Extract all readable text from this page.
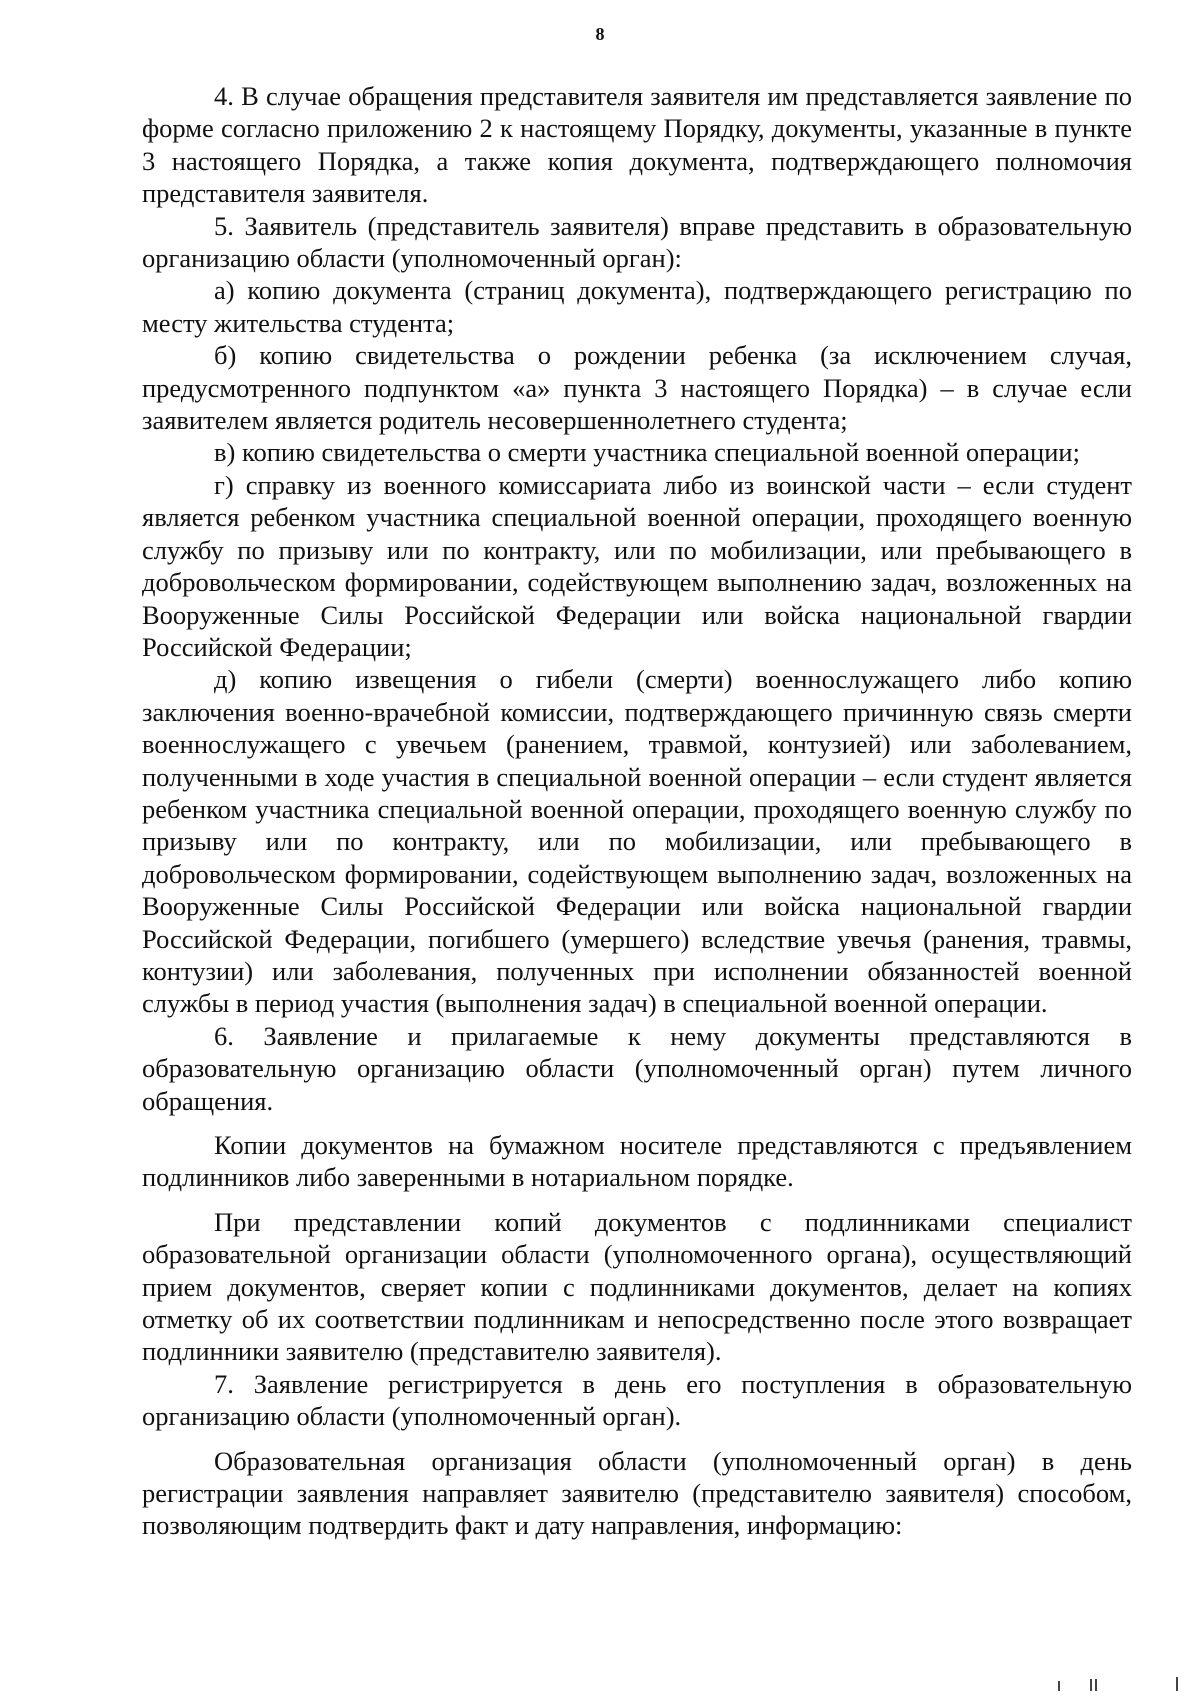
8

4. В случае обращения представителя заявителя им представляется заявление по форме согласно приложению 2 к настоящему Порядку, документы, указанные в пункте 3 настоящего Порядка, а также копия документа, подтверждающего полномочия представителя заявителя.

5. Заявитель (представитель заявителя) вправе представить в образовательную организацию области (уполномоченный орган):

а) копию документа (страниц документа), подтверждающего регистрацию по месту жительства студента;

б) копию свидетельства о рождении ребенка (за исключением случая, предусмотренного подпунктом «а» пункта 3 настоящего Порядка) – в случае если заявителем является родитель несовершеннолетнего студента;

в) копию свидетельства о смерти участника специальной военной операции;

г) справку из военного комиссариата либо из воинской части – если студент является ребенком участника специальной военной операции, проходящего военную службу по призыву или по контракту, или по мобилизации, или пребывающего в добровольческом формировании, содействующем выполнению задач, возложенных на Вооруженные Силы Российской Федерации или войска национальной гвардии Российской Федерации;

д) копию извещения о гибели (смерти) военнослужащего либо копию заключения военно-врачебной комиссии, подтверждающего причинную связь смерти военнослужащего с увечьем (ранением, травмой, контузией) или заболеванием, полученными в ходе участия в специальной военной операции – если студент является ребенком участника специальной военной операции, проходящего военную службу по призыву или по контракту, или по мобилизации, или пребывающего в добровольческом формировании, содействующем выполнению задач, возложенных на Вооруженные Силы Российской Федерации или войска национальной гвардии Российской Федерации, погибшего (умершего) вследствие увечья (ранения, травмы, контузии) или заболевания, полученных при исполнении обязанностей военной службы в период участия (выполнения задач) в специальной военной операции.

6. Заявление и прилагаемые к нему документы представляются в образовательную организацию области (уполномоченный орган) путем личного обращения.

Копии документов на бумажном носителе представляются с предъявлением подлинников либо заверенными в нотариальном порядке.

При представлении копий документов с подлинниками специалист образовательной организации области (уполномоченного органа), осуществляющий прием документов, сверяет копии с подлинниками документов, делает на копиях отметку об их соответствии подлинникам и непосредственно после этого возвращает подлинники заявителю (представителю заявителя).

7. Заявление регистрируется в день его поступления в образовательную организацию области (уполномоченный орган).

Образовательная организация области (уполномоченный орган) в день регистрации заявления направляет заявителю (представителю заявителя) способом, позволяющим подтвердить факт и дату направления, информацию:
